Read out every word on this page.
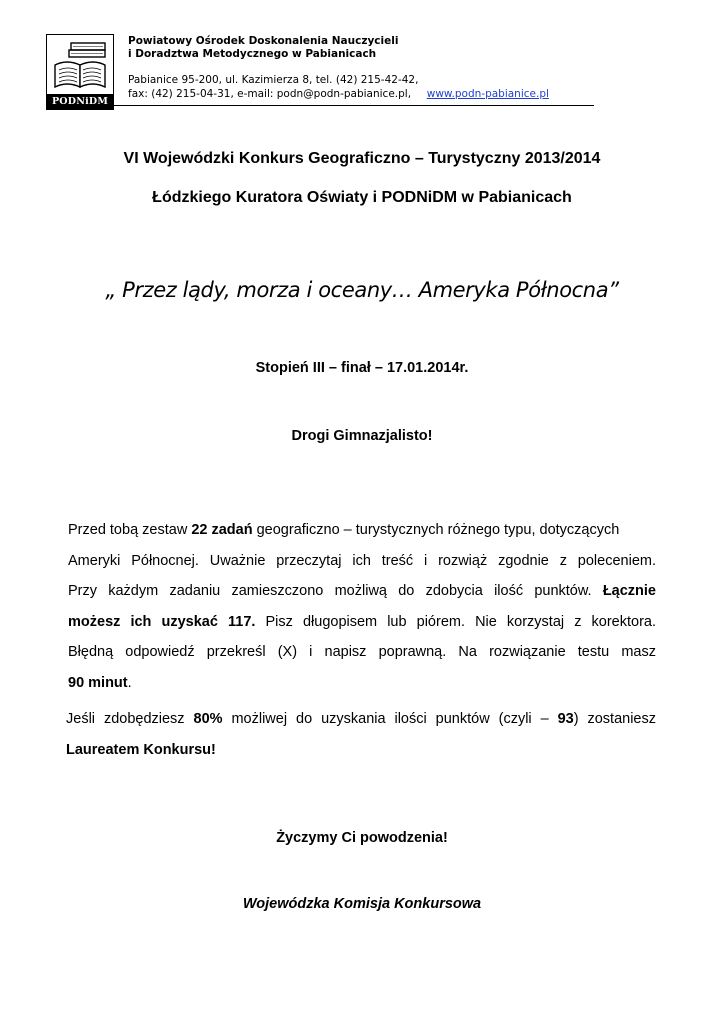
PODNiDM
Powiatowy Ośrodek Doskonalenia Nauczycieli
i Doradztwa Metodycznego w Pabianicach
Pabianice 95-200, ul. Kazimierza 8, tel. (42) 215-42-42,
fax: (42) 215-04-31, e-mail: podn@podn-pabianice.pl, www.podn-pabianice.pl
VI Wojewódzki Konkurs Geograficzno – Turystyczny 2013/2014
Łódzkiego Kuratora Oświaty i PODNiDM w Pabianicach
„ Przez lądy, morza i oceany… Ameryka Północna”
Stopień III – finał – 17.01.2014r.
Drogi Gimnazjalisto!
Przed tobą zestaw 22 zadań geograficzno – turystycznych różnego typu, dotyczących
Ameryki Północnej. Uważnie przeczytaj ich treść i rozwiąż zgodnie z poleceniem.
Przy każdym zadaniu zamieszczono możliwą do zdobycia ilość punktów. Łącznie
możesz ich uzyskać 117. Pisz długopisem lub piórem. Nie korzystaj z korektora.
Błędną odpowiedź przekreśl (X) i napisz poprawną. Na rozwiązanie testu masz
90 minut.
Jeśli zdobędziesz 80% możliwej do uzyskania ilości punktów (czyli – 93) zostaniesz
Laureatem Konkursu!
Życzymy Ci powodzenia!
Wojewódzka Komisja Konkursowa
